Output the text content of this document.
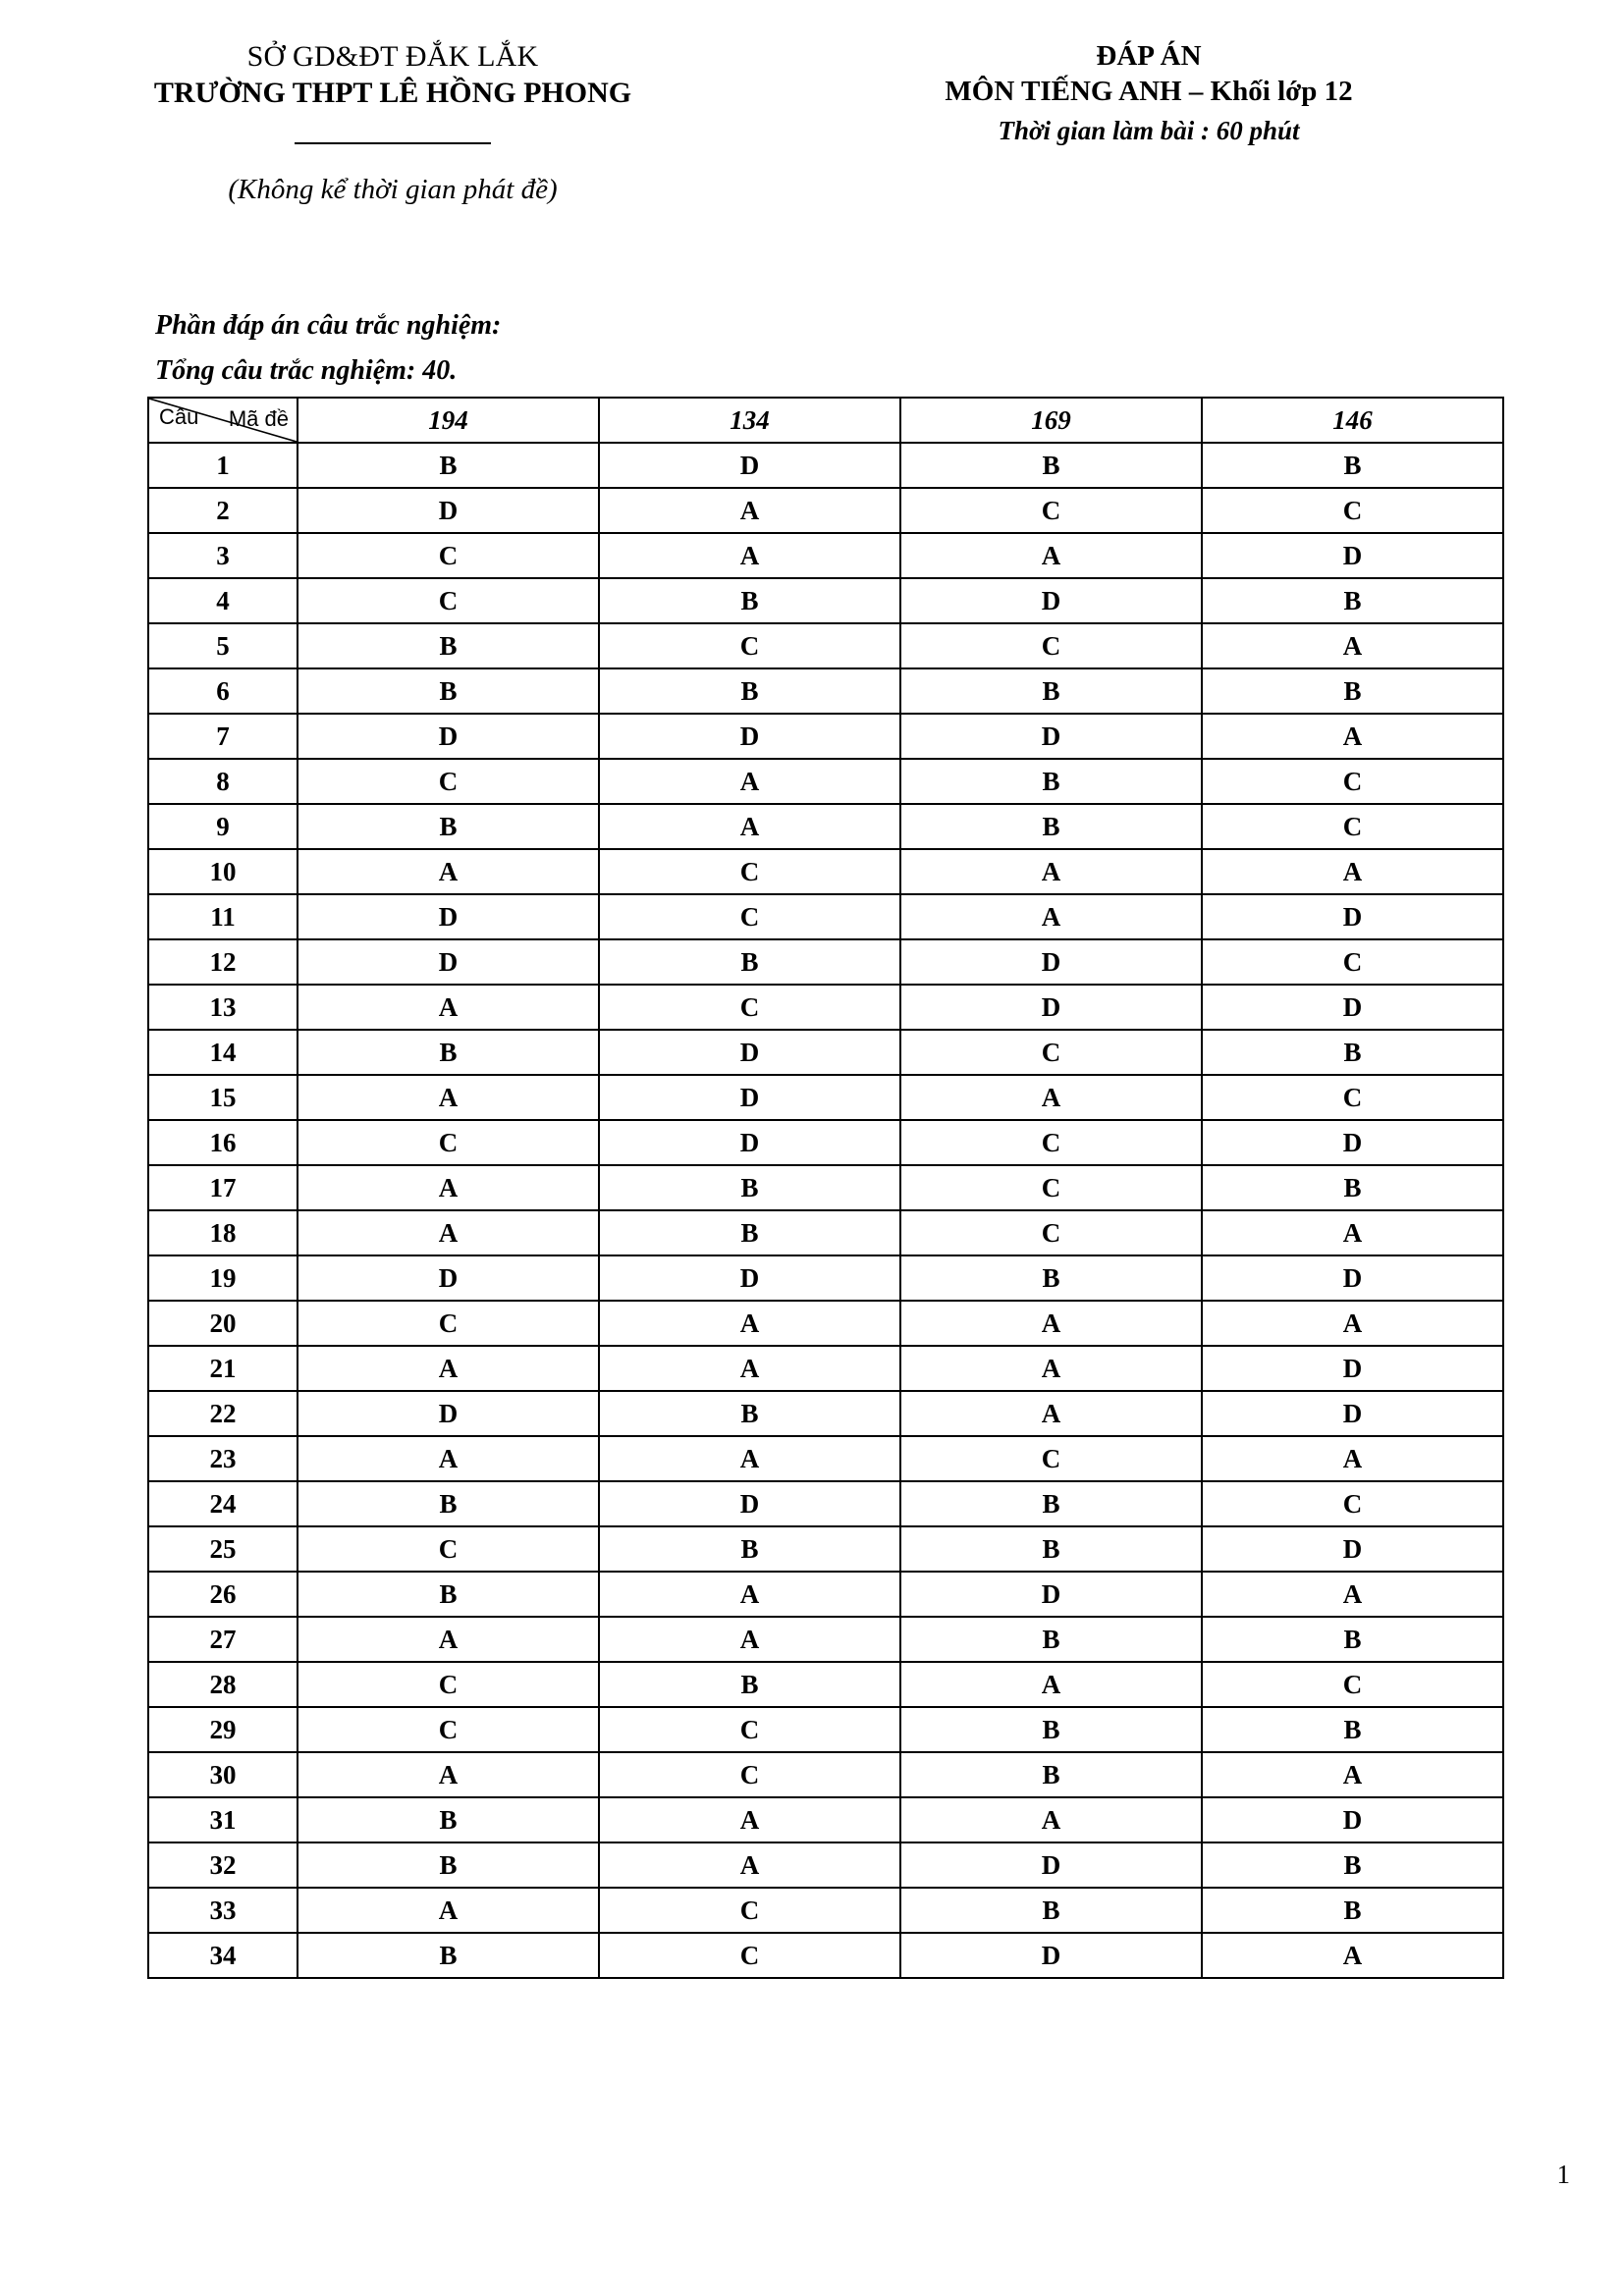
SỞ GD&ĐT ĐẮK LẮK
TRƯỜNG THPT LÊ HỒNG PHONG
(Không kể thời gian phát đề)
ĐÁP ÁN
MÔN TIẾNG ANH – Khối lớp 12
Thời gian làm bài : 60 phút
Phần đáp án câu trắc nghiệm:
Tổng câu trắc nghiệm: 40.
Mã đề
Câu	194	134	169	146
1	B	D	B	B
2	D	A	C	C
3	C	A	A	D
4	C	B	D	B
5	B	C	C	A
6	B	B	B	B
7	D	D	D	A
8	C	A	B	C
9	B	A	B	C
10	A	C	A	A
11	D	C	A	D
12	D	B	D	C
13	A	C	D	D
14	B	D	C	B
15	A	D	A	C
16	C	D	C	D
17	A	B	C	B
18	A	B	C	A
19	D	D	B	D
20	C	A	A	A
21	A	A	A	D
22	D	B	A	D
23	A	A	C	A
24	B	D	B	C
25	C	B	B	D
26	B	A	D	A
27	A	A	B	B
28	C	B	A	C
29	C	C	B	B
30	A	C	B	A
31	B	A	A	D
32	B	A	D	B
33	A	C	B	B
34	B	C	D	A
1
